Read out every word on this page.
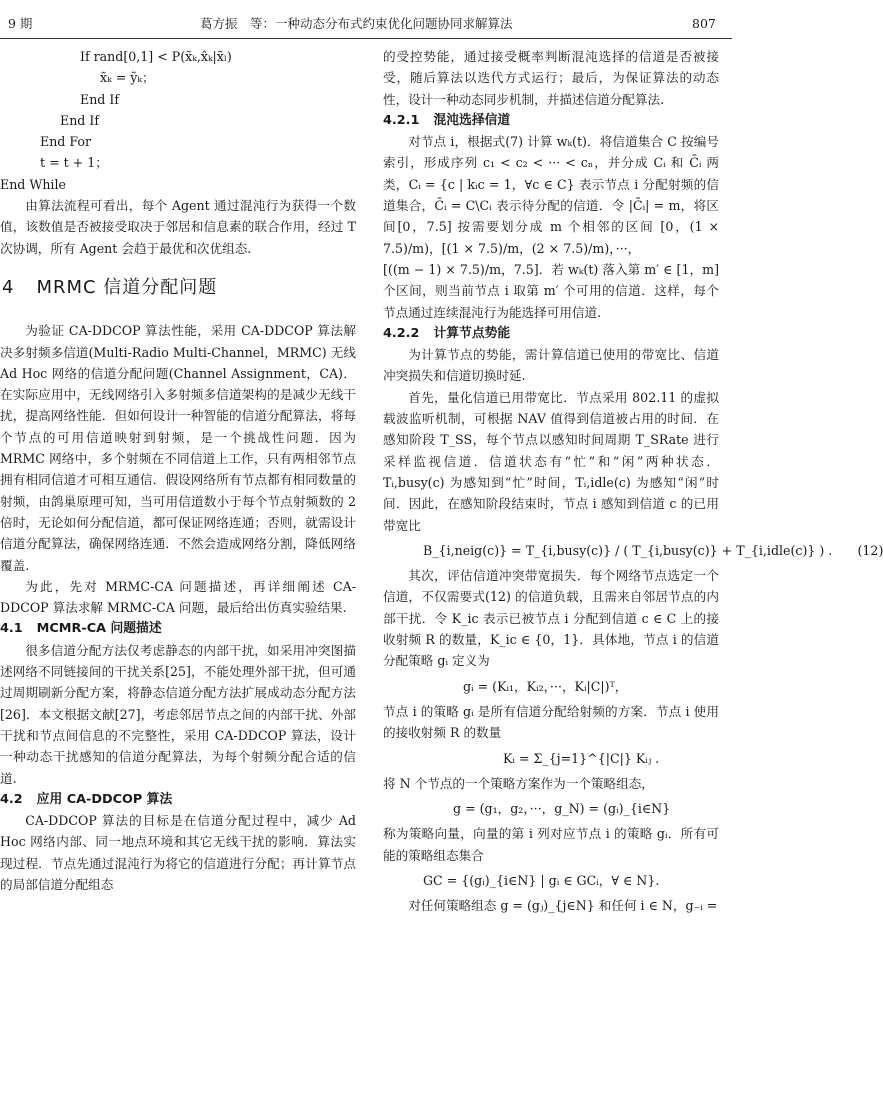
9 期	葛方振　等：一种动态分布式约束优化问题协同求解算法	807

If rand[0,1] < P(x̃ₖ,x̂ₖ|x̃ₗ)

x̃ₖ = ỹₖ；

End If

End If

End For

t = t + 1；

End While

由算法流程可看出，每个 Agent 通过混沌行为获得一个数值，该数值是否被接受取决于邻居和信息素的联合作用，经过 T 次协调，所有 Agent 会趋于最优和次优组态.

4 MRMC 信道分配问题

为验证 CA-DDCOP 算法性能，采用 CA-DDCOP 算法解决多射频多信道(Multi-Radio Multi-Channel，MRMC) 无线 Ad Hoc 网络的信道分配问题(Channel Assignment，CA)．在实际应用中，无线网络引入多射频多信道架构的是减少无线干扰，提高网络性能．但如何设计一种智能的信道分配算法，将每个节点的可用信道映射到射频，是一个挑战性问题．因为 MRMC 网络中，多个射频在不同信道上工作，只有两相邻节点拥有相同信道才可相互通信．假设网络所有节点都有相同数量的射频，由鸽巢原理可知，当可用信道数小于每个节点射频数的 2 倍时，无论如何分配信道，都可保证网络连通；否则，就需设计信道分配算法，确保网络连通．不然会造成网络分割，降低网络覆盖.

为此，先对 MRMC-CA 问题描述，再详细阐述 CA-DDCOP 算法求解 MRMC-CA 问题，最后给出仿真实验结果.

4.1 MCMR-CA 问题描述

很多信道分配方法仅考虑静态的内部干扰，如采用冲突图描述网络不同链接间的干扰关系[25]，不能处理外部干扰，但可通过周期刷新分配方案，将静态信道分配方法扩展成动态分配方法[26]．本文根据文献[27]，考虑邻居节点之间的内部干扰、外部干扰和节点间信息的不完整性，采用 CA-DDCOP 算法，设计一种动态干扰感知的信道分配算法，为每个射频分配合适的信道.

4.2 应用 CA-DDCOP 算法

CA-DDCOP 算法的目标是在信道分配过程中，减少 Ad Hoc 网络内部、同一地点环境和其它无线干扰的影响．算法实现过程．节点先通过混沌行为将它的信道进行分配；再计算节点的局部信道分配组态

的受控势能，通过接受概率判断混沌选择的信道是否被接受，随后算法以迭代方式运行；最后，为保证算法的动态性，设计一种动态同步机制，并描述信道分配算法.

4.2.1 混沌选择信道

对节点 i，根据式(7) 计算 wₖ(t)．将信道集合 C 按编号索引，形成序列 c₁ < c₂ < ··· < cₙ，并分成 Cᵢ 和 C̄ᵢ 两类，Cᵢ = {c | kᵢc = 1，∀c ∈ C} 表示节点 i 分配射频的信道集合，C̄ᵢ = C\Cᵢ 表示待分配的信道．令 |C̄ᵢ| = m，将区间[0，7.5] 按需要划分成 m 个相邻的区间 [0，(1 × 7.5)/m)，[(1 × 7.5)/m，(2 × 7.5)/m)，···，

[((m − 1) × 7.5)/m，7.5]．若 wₖ(t) 落入第 m′ ∈ [1，m] 个区间，则当前节点 i 取第 m′ 个可用的信道．这样，每个节点通过连续混沌行为能选择可用信道.

4.2.2 计算节点势能

为计算节点的势能，需计算信道已使用的带宽比、信道冲突损失和信道切换时延.

首先，量化信道已用带宽比．节点采用 802.11 的虚拟载波监听机制，可根据 NAV 值得到信道被占用的时间．在感知阶段 T_SS，每个节点以感知时间周期 T_SRate 进行采样监视信道．信道状态有“忙”和“闲”两种状态．Tᵢ,busy(c) 为感知到“忙”时间，Tᵢ,idle(c) 为感知“闲”时间．因此，在感知阶段结束时，节点 i 感知到信道 c 的已用带宽比

B_{i,neig(c)} = T_{i,busy(c)} / ( T_{i,busy(c)} + T_{i,idle(c)} ) .　　(12)

其次，评估信道冲突带宽损失．每个网络节点选定一个信道，不仅需要式(12) 的信道负载，且需来自邻居节点的内部干扰．令 K_ic 表示已被节点 i 分配到信道 c ∈ C 上的接收射频 R 的数量，K_ic ∈ {0，1}．具体地，节点 i 的信道分配策略 gᵢ 定义为

gᵢ = (Kᵢ₁，Kᵢ₂，···，Kᵢ|C|)ᵀ，

节点 i 的策略 gᵢ 是所有信道分配给射频的方案．节点 i 使用的接收射频 R 的数量

Kᵢ = Σ_{j=1}^{|C|} Kᵢⱼ .

将 N 个节点的一个策略方案作为一个策略组态，

g = (g₁，g₂，···，g_N) = (gᵢ)_{i∈N}

称为策略向量，向量的第 i 列对应节点 i 的策略 gᵢ．所有可能的策略组态集合

GC = {(gᵢ)_{i∈N} | gᵢ ∈ GCᵢ，∀ ∈ N}.

对任何策略组态 g = (gⱼ)_{j∈N} 和任何 i ∈ N，g₋ᵢ =
